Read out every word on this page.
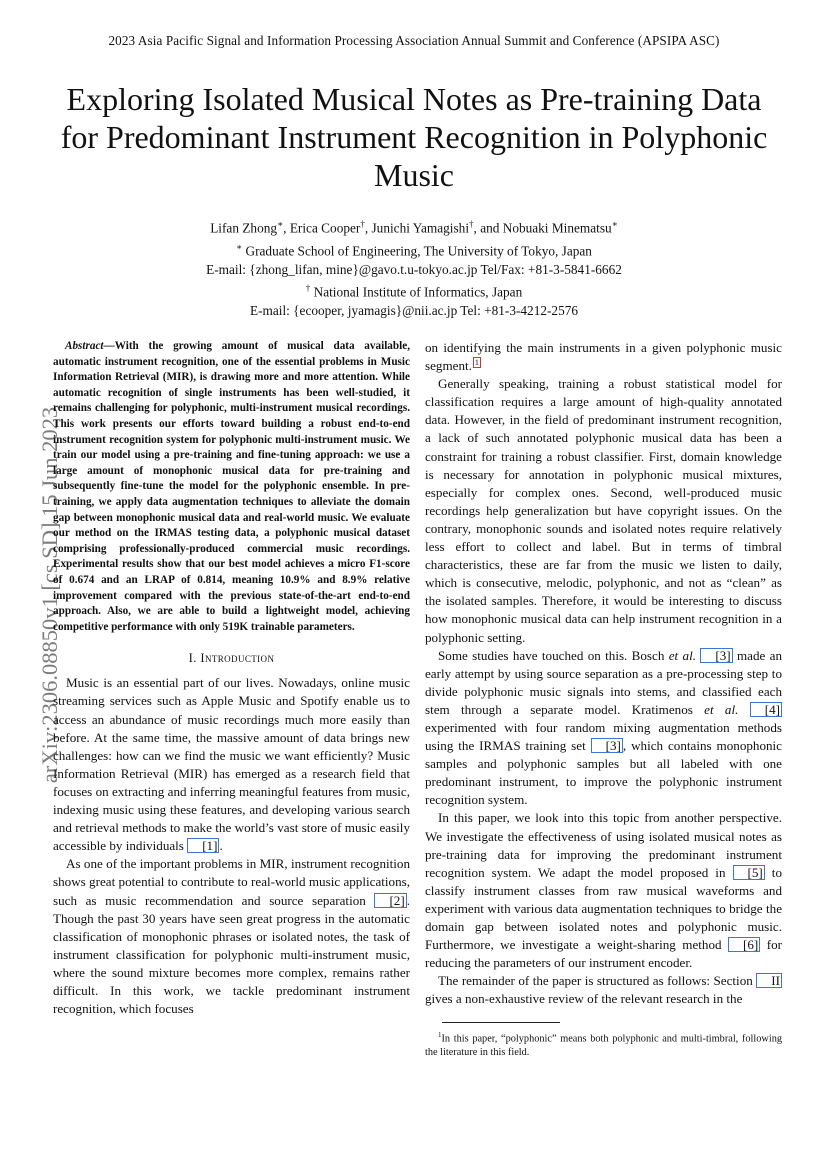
2023 Asia Pacific Signal and Information Processing Association Annual Summit and Conference (APSIPA ASC)
arXiv:2306.08850v1 [cs.SD] 15 Jun 2023
Exploring Isolated Musical Notes as Pre-training Data for Predominant Instrument Recognition in Polyphonic Music
Lifan Zhong∗, Erica Cooper†, Junichi Yamagishi†, and Nobuaki Minematsu∗
∗ Graduate School of Engineering, The University of Tokyo, Japan
E-mail: {zhong_lifan, mine}@gavo.t.u-tokyo.ac.jp Tel/Fax: +81-3-5841-6662
† National Institute of Informatics, Japan
E-mail: {ecooper, jyamagis}@nii.ac.jp Tel: +81-3-4212-2576

Abstract—With the growing amount of musical data available, automatic instrument recognition, one of the essential problems in Music Information Retrieval (MIR), is drawing more and more attention. While automatic recognition of single instruments has been well-studied, it remains challenging for polyphonic, multi-instrument musical recordings. This work presents our efforts toward building a robust end-to-end instrument recognition system for polyphonic multi-instrument music. We train our model using a pre-training and fine-tuning approach: we use a large amount of monophonic musical data for pre-training and subsequently fine-tune the model for the polyphonic ensemble. In pre-training, we apply data augmentation techniques to alleviate the domain gap between monophonic musical data and real-world music. We evaluate our method on the IRMAS testing data, a polyphonic musical dataset comprising professionally-produced commercial music recordings. Experimental results show that our best model achieves a micro F1-score of 0.674 and an LRAP of 0.814, meaning 10.9% and 8.9% relative improvement compared with the previous state-of-the-art end-to-end approach. Also, we are able to build a lightweight model, achieving competitive performance with only 519K trainable parameters.

I. Introduction

Music is an essential part of our lives. Nowadays, online music streaming services such as Apple Music and Spotify enable us to access an abundance of music recordings much more easily than before. At the same time, the massive amount of data brings new challenges: how can we find the music we want efficiently? Music Information Retrieval (MIR) has emerged as a research field that focuses on extracting and inferring meaningful features from music, indexing music using these features, and developing various search and retrieval methods to make the world’s vast store of music easily accessible by individuals [1] .

As one of the important problems in MIR, instrument recognition shows great potential to contribute to real-world music applications, such as music recommendation and source separation [2] . Though the past 30 years have seen great progress in the automatic classification of monophonic phrases or isolated notes, the task of instrument classification for polyphonic multi-instrument music, where the sound mixture becomes more complex, remains rather difficult. In this work, we tackle predominant instrument recognition, which focuses

on identifying the main instruments in a given polyphonic music segment. 1

Generally speaking, training a robust statistical model for classification requires a large amount of high-quality annotated data. However, in the field of predominant instrument recognition, a lack of such annotated polyphonic musical data has been a constraint for training a robust classifier. First, domain knowledge is necessary for annotation in polyphonic musical mixtures, especially for complex ones. Second, well-produced music recordings help generalization but have copyright issues. On the contrary, monophonic sounds and isolated notes require relatively less effort to collect and label. But in terms of timbral characteristics, these are far from the music we listen to daily, which is consecutive, melodic, polyphonic, and not as “clean” as the isolated samples. Therefore, it would be interesting to discuss how monophonic musical data can help instrument recognition in a polyphonic setting.

Some studies have touched on this. Bosch et al. [3] made an early attempt by using source separation as a pre-processing step to divide polyphonic music signals into stems, and classified each stem through a separate model. Kratimenos et al. [4] experimented with four random mixing augmentation methods using the IRMAS training set [3] , which contains monophonic samples and polyphonic samples but all labeled with one predominant instrument, to improve the polyphonic instrument recognition system.

In this paper, we look into this topic from another perspective. We investigate the effectiveness of using isolated musical notes as pre-training data for improving the predominant instrument recognition system. We adapt the model proposed in [5] to classify instrument classes from raw musical waveforms and experiment with various data augmentation techniques to bridge the domain gap between isolated notes and polyphonic music. Furthermore, we investigate a weight-sharing method [6] for reducing the parameters of our instrument encoder.

The remainder of the paper is structured as follows: Section II gives a non-exhaustive review of the relevant research in the

$^1$In this paper, “polyphonic” means both polyphonic and multi-timbral, following the literature in this field.
